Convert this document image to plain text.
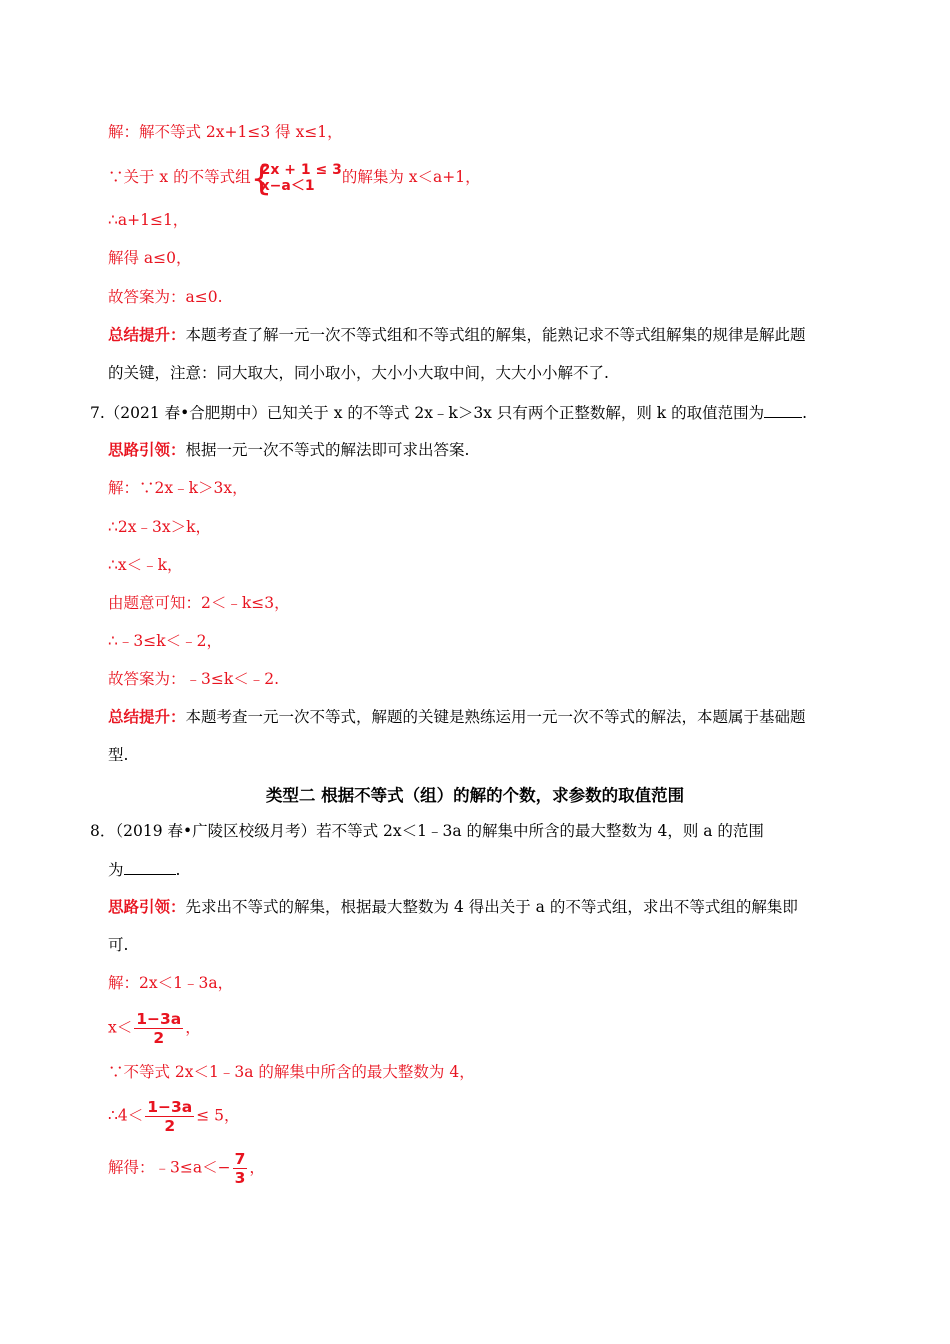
解：解不等式 2x+1≤3 得 x≤1，
∵关于 x 的不等式组 {
2x + 1 ≤ 3
x−a＜1	的解集为 x＜a+1，
∴a+1≤1，
解得 a≤0，
故答案为：a≤0.
总结提升：本题考查了解一元一次不等式组和不等式组的解集，能熟记求不等式组解集的规律是解此题
的关键，注意：同大取大，同小取小，大小小大取中间，大大小小解不了.
7.（2021 春•合肥期中）已知关于 x 的不等式 2x﹣k＞3x 只有两个正整数解，则 k 的取值范围为 .
思路引领：根据一元一次不等式的解法即可求出答案.
解：∵2x﹣k＞3x，
∴2x﹣3x＞k，
∴x＜﹣k，
由题意可知：2＜﹣k≤3，
∴﹣3≤k＜﹣2，
故答案为：﹣3≤k＜﹣2.
总结提升：本题考查一元一次不等式，解题的关键是熟练运用一元一次不等式的解法，本题属于基础题
型.
类型二 根据不等式（组）的解的个数，求参数的取值范围
8．（2019 春•广陵区校级月考）若不等式 2x＜1﹣3a 的解集中所含的最大整数为 4，则 a 的范围
为	.
思路引领：先求出不等式的解集，根据最大整数为 4 得出关于 a 的不等式组，求出不等式组的解集即
可.
解：2x＜1﹣3a，
$x< \frac{1-3a}{2}$ ，
∵不等式 2x＜1﹣3a 的解集中所含的最大整数为 4，
∴4＜ $\frac{1-3a}{2} \le 5$，
解得：﹣3≤a＜− $\frac{7}{3}$ ，
